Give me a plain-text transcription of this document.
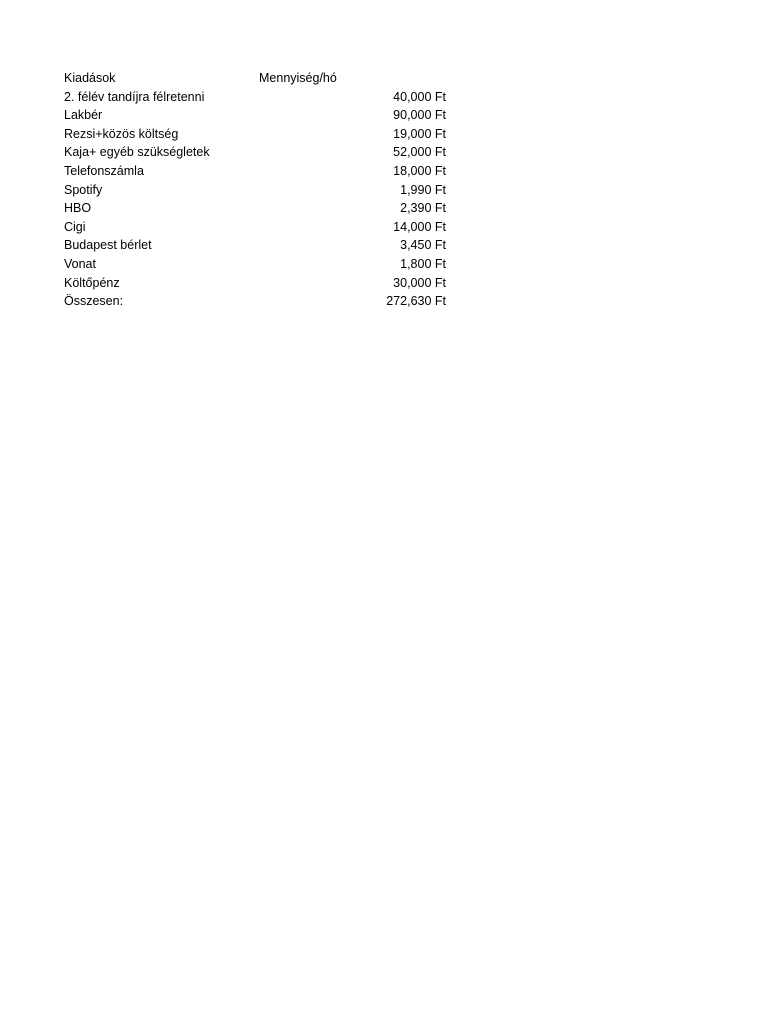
Kiadások	Mennyiség/hó
2. félév tandíjra félretenni	40,000 Ft
Lakbér	90,000 Ft
Rezsi+közös költség	19,000 Ft
Kaja+ egyéb szükségletek	52,000 Ft
Telefonszámla	18,000 Ft
Spotify	1,990 Ft
HBO	2,390 Ft
Cigi	14,000 Ft
Budapest bérlet	3,450 Ft
Vonat	1,800 Ft
Költőpénz	30,000 Ft
Összesen:	272,630 Ft
